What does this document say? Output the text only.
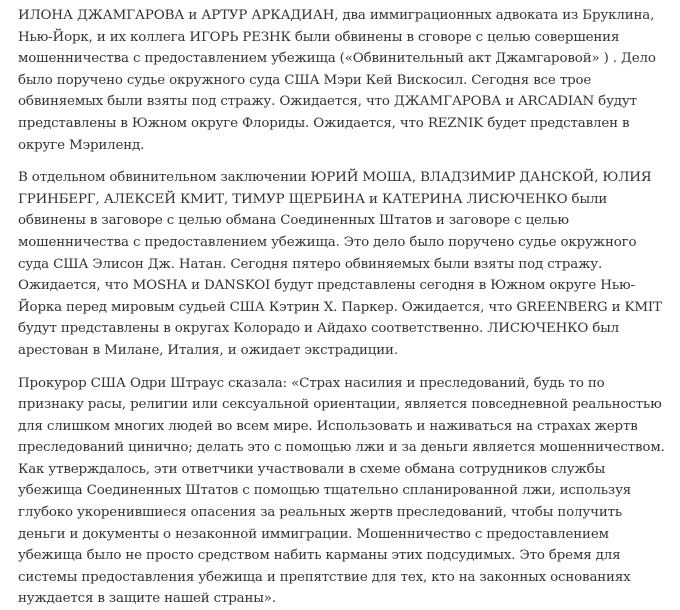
ИЛОНА ДЖАМГАРОВА и АРТУР АРКАДИАН, два иммиграционных адвоката из Бруклина, Нью-Йорк, и их коллега ИГОРЬ РЕЗНК были обвинены в сговоре с целью совершения мошенничества с предоставлением убежища («Обвинительный акт Джамгаровой» ) . Дело было поручено судье окружного суда США Мэри Кей Вискосил. Сегодня все трое обвиняемых были взяты под стражу. Ожидается, что ДЖАМГАРОВА и ARCADIAN будут представлены в Южном округе Флориды. Ожидается, что REZNIK будет представлен в округе Мэриленд.

В отдельном обвинительном заключении ЮРИЙ МОША, ВЛАДЗИМИР ДАНСКОЙ, ЮЛИЯ ГРИНБЕРГ, АЛЕКСЕЙ КМИТ, ТИМУР ЩЕРБИНА и КАТЕРИНА ЛИСЮЧЕНКО были обвинены в заговоре с целью обмана Соединенных Штатов и заговоре с целью мошенничества с предоставлением убежища. Это дело было поручено судье окружного суда США Элисон Дж. Натан. Сегодня пятеро обвиняемых были взяты под стражу. Ожидается, что MOSHA и DANSKOI будут представлены сегодня в Южном округе Нью-Йорка перед мировым судьей США Кэтрин Х. Паркер. Ожидается, что GREENBERG и KMIT будут представлены в округах Колорадо и Айдахо соответственно. ЛИСЮЧЕНКО был арестован в Милане, Италия, и ожидает экстрадиции.

Прокурор США Одри Штраус сказала: «Страх насилия и преследований, будь то по признаку расы, религии или сексуальной ориентации, является повседневной реальностью для слишком многих людей во всем мире. Использовать и наживаться на страхах жертв преследований цинично; делать это с помощью лжи и за деньги является мошенничеством. Как утверждалось, эти ответчики участвовали в схеме обмана сотрудников службы убежища Соединенных Штатов с помощью тщательно спланированной лжи, используя глубоко укоренившиеся опасения за реальных жертв преследований, чтобы получить деньги и документы о незаконной иммиграции. Мошенничество с предоставлением убежища было не просто средством набить карманы этих подсудимых. Это бремя для системы предоставления убежища и препятствие для тех, кто на законных основаниях нуждается в защите нашей страны».
